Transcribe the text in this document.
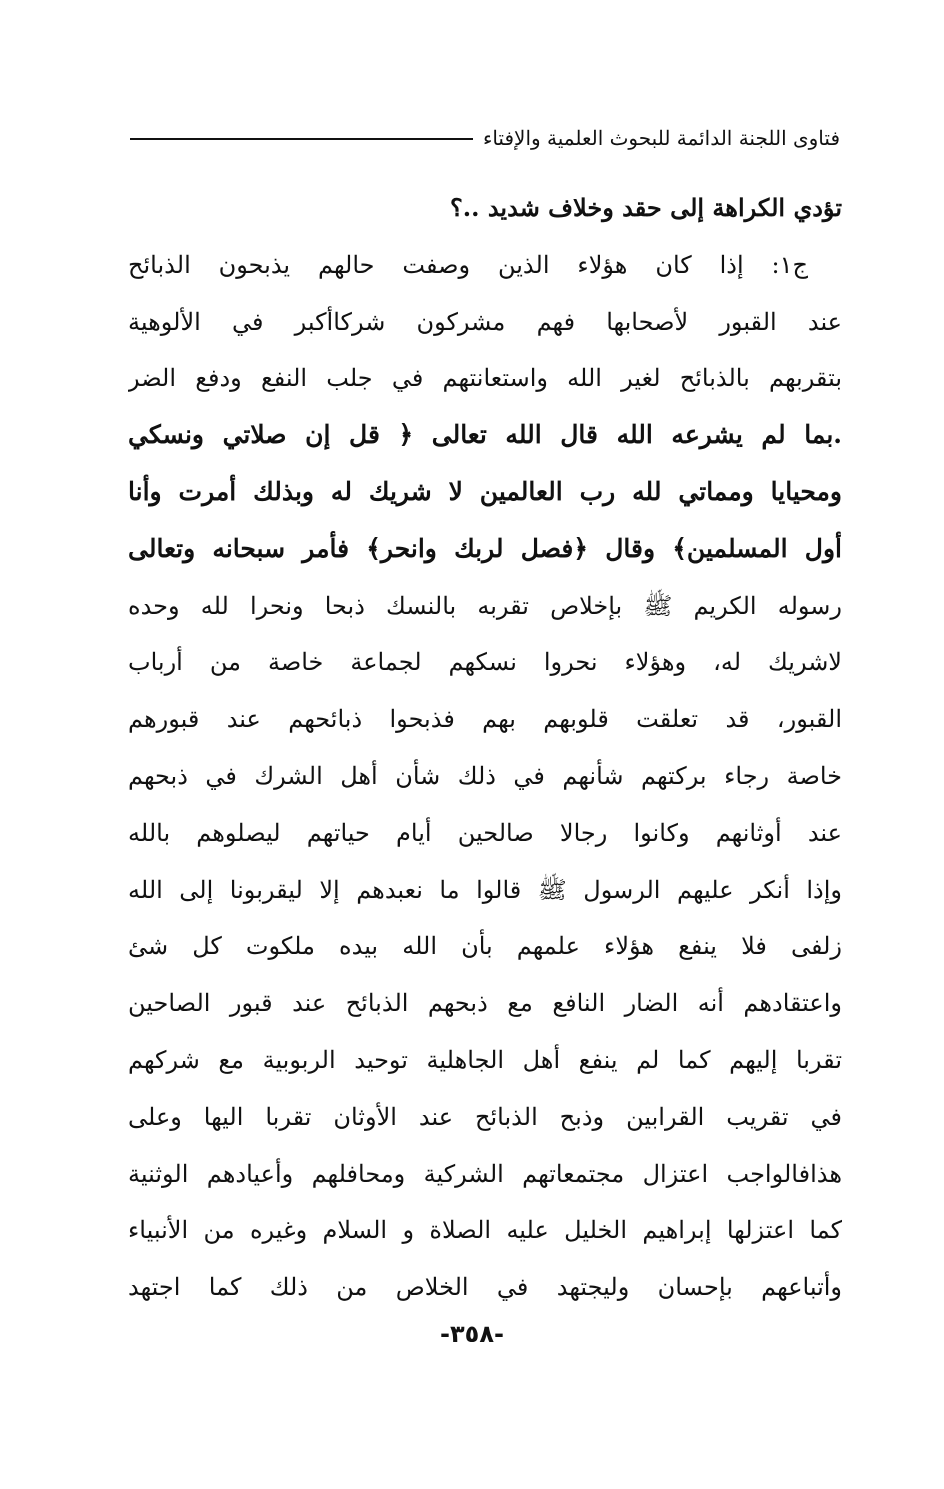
فتاوى اللجنة الدائمة للبحوث العلمية والإفتاء
تؤدي الكراهة إلى حقد وخلاف شديد ..؟
ج١: إذا كان هؤلاء الذين وصفت حالهم يذبحون الذبائح
عند القبور لأصحابها فهم مشركون شركاأكبر في الألوهية
بتقربهم بالذبائح لغير الله واستعانتهم في جلب النفع ودفع الضر
.بما لم يشرعه الله قال الله تعالى ﴿ قل إن صلاتي ونسكي
ومحيايا ومماتي لله رب العالمين لا شريك له وبذلك أمرت وأنا
أول المسلمين﴾ وقال ﴿فصل لربك وانحر﴾ فأمر سبحانه وتعالى
رسوله الكريم ﷺ بإخلاص تقربه بالنسك ذبحا ونحرا لله وحده
لاشريك له، وهؤلاء نحروا نسكهم لجماعة خاصة من أرباب
القبور، قد تعلقت قلوبهم بهم فذبحوا ذبائحهم عند قبورهم
خاصة رجاء بركتهم شأنهم في ذلك شأن أهل الشرك في ذبحهم
عند أوثانهم وكانوا رجالا صالحين أيام حياتهم ليصلوهم بالله
وإذا أنكر عليهم الرسول ﷺ قالوا ما نعبدهم إلا ليقربونا إلى الله
زلفى فلا ينفع هؤلاء علمهم بأن الله بيده ملكوت كل شئ
واعتقادهم أنه الضار النافع مع ذبحهم الذبائح عند قبور الصاحين
تقربا إليهم كما لم ينفع أهل الجاهلية توحيد الربوبية مع شركهم
في تقريب القرابين وذبح الذبائح عند الأوثان تقربا اليها وعلى
هذافالواجب اعتزال مجتمعاتهم الشركية ومحافلهم وأعيادهم الوثنية
كما اعتزلها إبراهيم الخليل عليه الصلاة و السلام وغيره من الأنبياء
وأتباعهم بإحسان وليجتهد في الخلاص من ذلك كما اجتهد
-٣٥٨-
